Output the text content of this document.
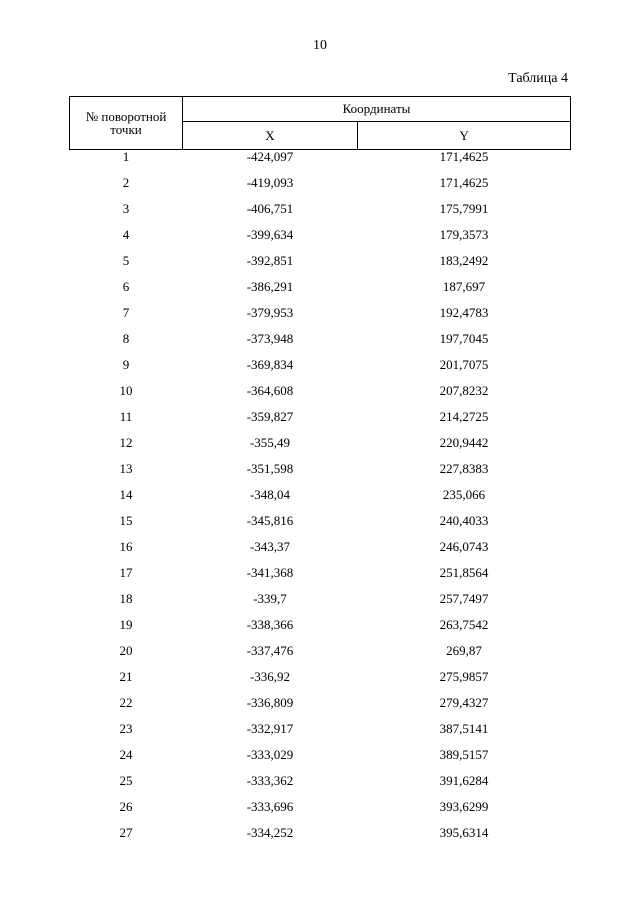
10
Таблица 4
№ поворотной точки	Координаты	
	X	Y
1	-424,097	171,4625
2	-419,093	171,4625
3	-406,751	175,7991
4	-399,634	179,3573
5	-392,851	183,2492
6	-386,291	187,697
7	-379,953	192,4783
8	-373,948	197,7045
9	-369,834	201,7075
10	-364,608	207,8232
11	-359,827	214,2725
12	-355,49	220,9442
13	-351,598	227,8383
14	-348,04	235,066
15	-345,816	240,4033
16	-343,37	246,0743
17	-341,368	251,8564
18	-339,7	257,7497
19	-338,366	263,7542
20	-337,476	269,87
21	-336,92	275,9857
22	-336,809	279,4327
23	-332,917	387,5141
24	-333,029	389,5157
25	-333,362	391,6284
26	-333,696	393,6299
27	-334,252	395,6314
